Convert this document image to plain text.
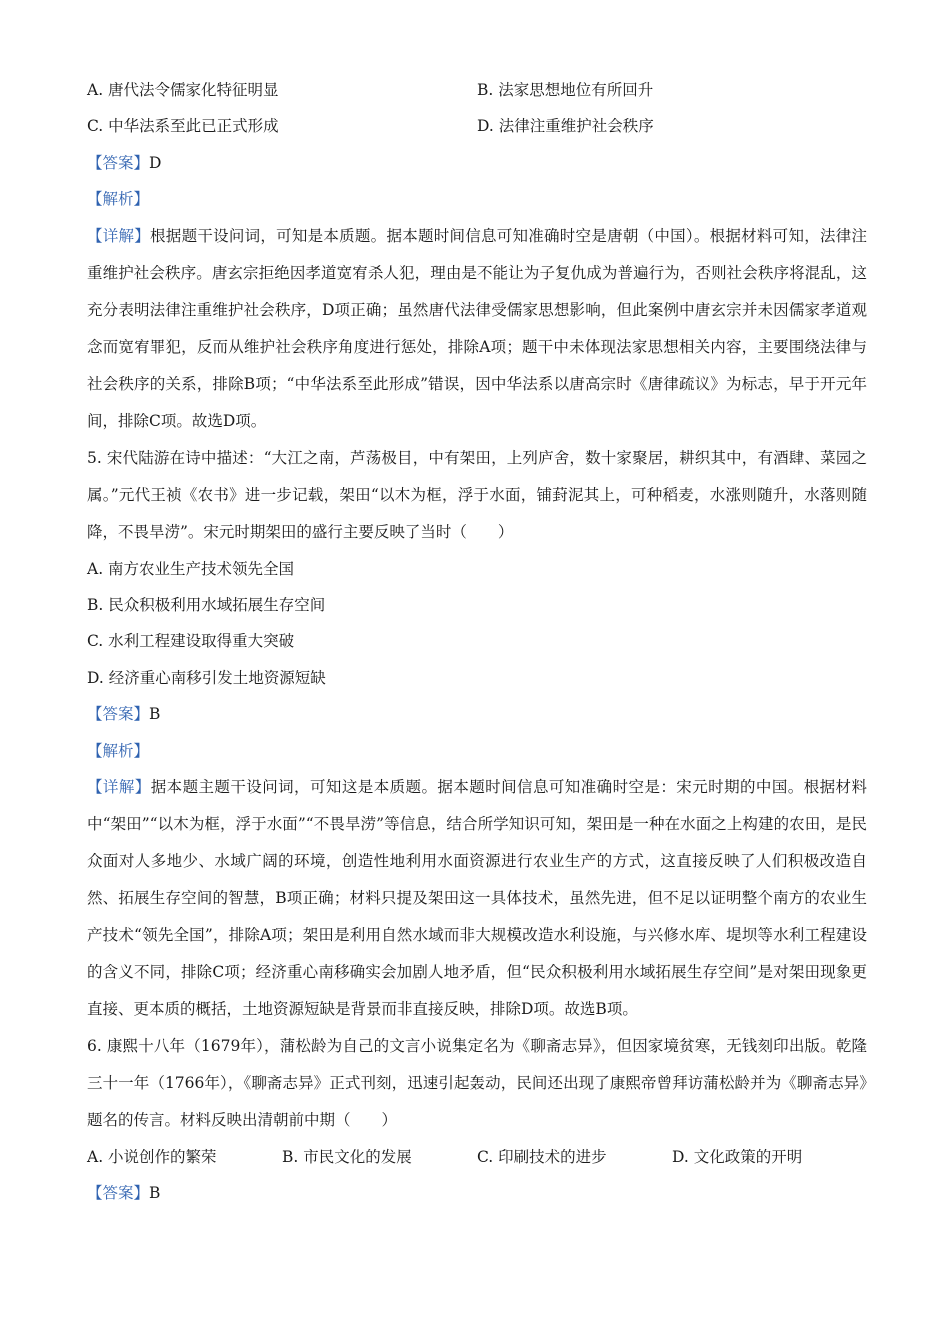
A. 唐代法令儒家化特征明显	B. 法家思想地位有所回升
C. 中华法系至此已正式形成	D. 法律注重维护社会秩序
【答案】D
【解析】
【详解】根据题干设问词，可知是本质题。据本题时间信息可知准确时空是唐朝（中国）。根据材料可知，法律注重维护社会秩序。唐玄宗拒绝因孝道宽宥杀人犯，理由是不能让为子复仇成为普遍行为，否则社会秩序将混乱，这充分表明法律注重维护社会秩序，D项正确；虽然唐代法律受儒家思想影响，但此案例中唐玄宗并未因儒家孝道观念而宽宥罪犯，反而从维护社会秩序角度进行惩处，排除A项；题干中未体现法家思想相关内容，主要围绕法律与社会秩序的关系，排除B项；“中华法系至此形成”错误，因中华法系以唐高宗时《唐律疏议》为标志，早于开元年间，排除C项。故选D项。
5. 宋代陆游在诗中描述：“大江之南，芦荡极目，中有架田，上列庐舍，数十家聚居，耕织其中，有酒肆、菜园之属。”元代王祯《农书》进一步记载，架田“以木为框，浮于水面，铺葑泥其上，可种稻麦，水涨则随升，水落则随降，不畏旱涝”。宋元时期架田的盛行主要反映了当时（　　）
A. 南方农业生产技术领先全国
B. 民众积极利用水域拓展生存空间
C. 水利工程建设取得重大突破
D. 经济重心南移引发土地资源短缺
【答案】B
【解析】
【详解】据本题主题干设问词，可知这是本质题。据本题时间信息可知准确时空是：宋元时期的中国。根据材料中“架田”“以木为框，浮于水面”“不畏旱涝”等信息，结合所学知识可知，架田是一种在水面之上构建的农田，是民众面对人多地少、水域广阔的环境，创造性地利用水面资源进行农业生产的方式，这直接反映了人们积极改造自然、拓展生存空间的智慧，B项正确；材料只提及架田这一具体技术，虽然先进，但不足以证明整个南方的农业生产技术“领先全国”，排除A项；架田是利用自然水域而非大规模改造水利设施，与兴修水库、堤坝等水利工程建设的含义不同，排除C项；经济重心南移确实会加剧人地矛盾，但“民众积极利用水域拓展生存空间”是对架田现象更直接、更本质的概括，土地资源短缺是背景而非直接反映，排除D项。故选B项。
6. 康熙十八年（1679年），蒲松龄为自己的文言小说集定名为《聊斋志异》，但因家境贫寒，无钱刻印出版。乾隆三十一年（1766年），《聊斋志异》正式刊刻，迅速引起轰动，民间还出现了康熙帝曾拜访蒲松龄并为《聊斋志异》题名的传言。材料反映出清朝前中期（　　）
A. 小说创作的繁荣	B. 市民文化的发展	C. 印刷技术的进步	D. 文化政策的开明
【答案】B
